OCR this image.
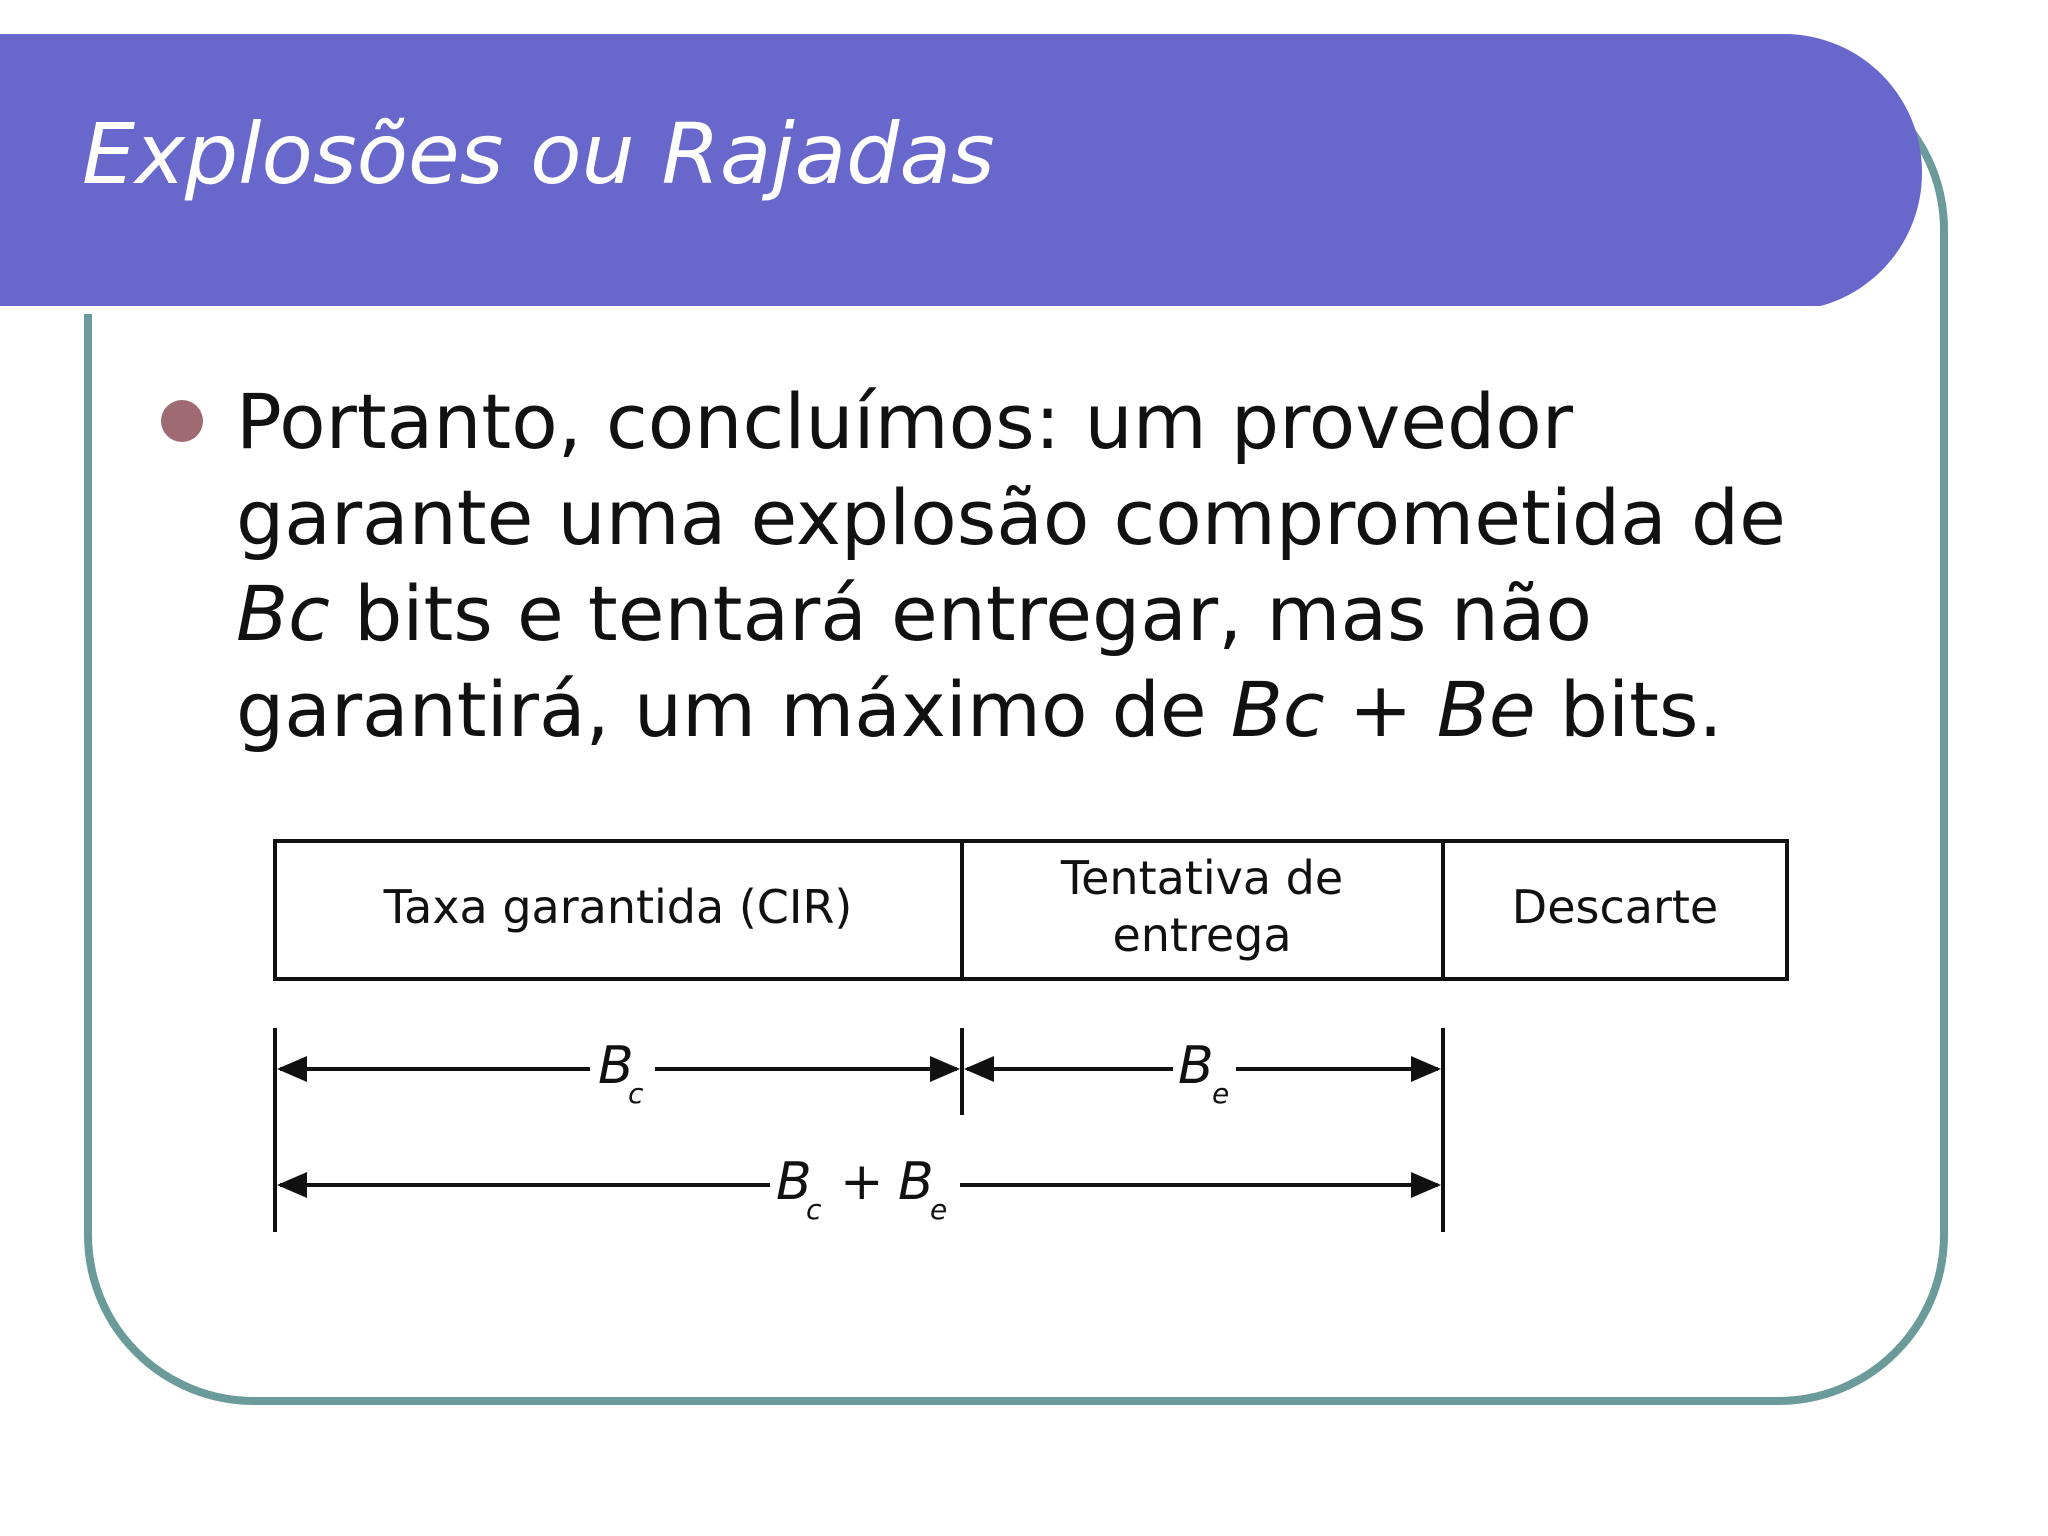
Explosões ou Rajadas
Portanto, concluímos: um provedor garante uma explosão comprometida de Bc bits e tentará entregar, mas não garantirá, um máximo de Bc + Be bits.
Taxa garantida (CIR)
Tentativa de
entrega
Descarte
B
c	B
e
B
c + B
e
